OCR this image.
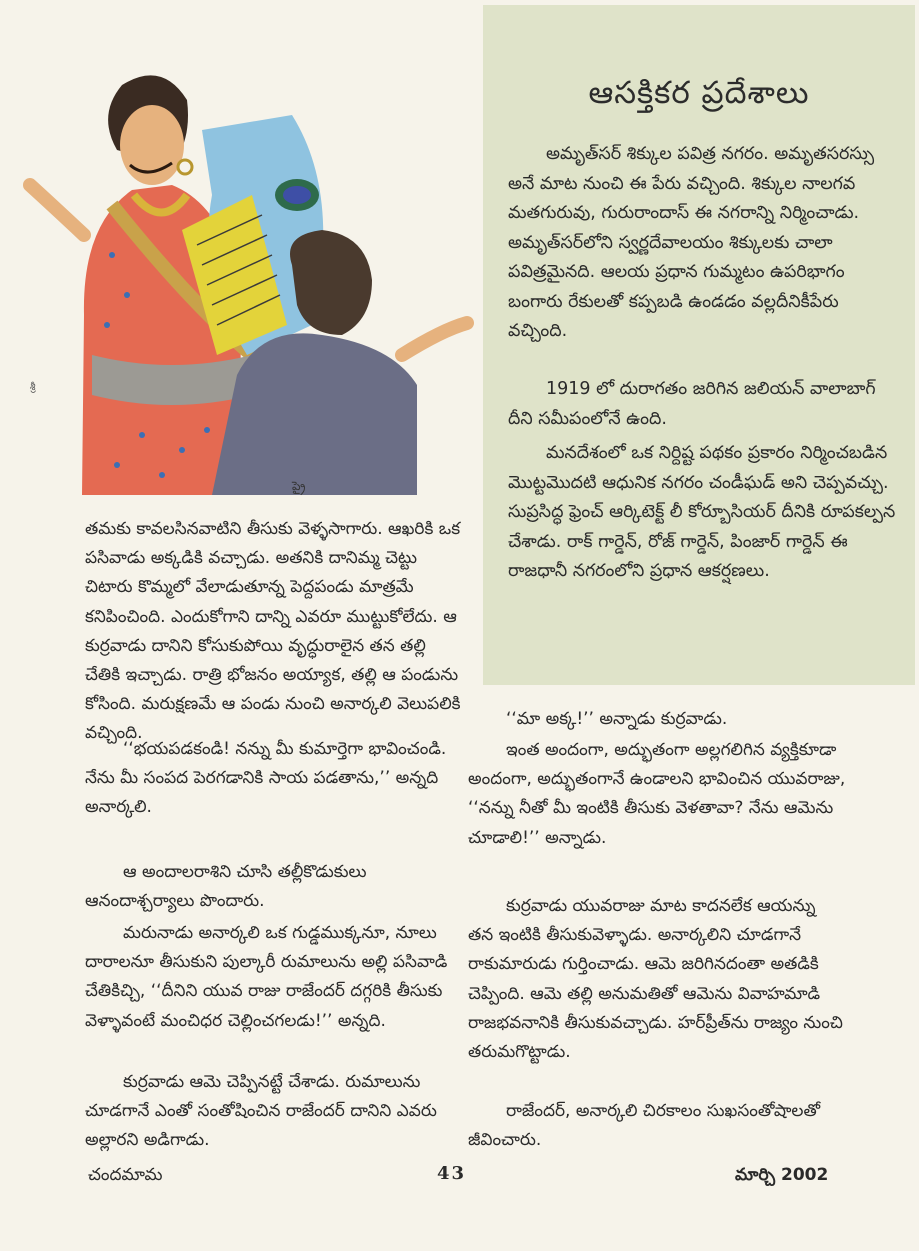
ప్రై
శ్రీ
ఆసక్తికర ప్రదేశాలు
అమృత్‌సర్ శిక్కుల పవిత్ర నగరం. అమృతసరస్సు అనే మాట నుంచి ఈ పేరు వచ్చింది. శిక్కుల నాలగవ మతగురువు, గురురాందాస్ ఈ నగరాన్ని నిర్మించాడు. అమృత్‌సర్‌లోని స్వర్ణదేవాలయం శిక్కులకు చాలా పవిత్రమైనది. ఆలయ ప్రధాన గుమ్మటం ఉపరిభాగం బంగారు రేకులతో కప్పబడి ఉండడం వల్లదీనికీపేరు వచ్చింది.
1919 లో దురాగతం జరిగిన జలియన్ వాలాబాగ్ దీని సమీపంలోనే ఉంది.
మనదేశంలో ఒక నిర్దిష్ట పథకం ప్రకారం నిర్మించబడిన మొట్టమొదటి ఆధునిక నగరం చండీఘడ్ అని చెప్పవచ్చు. సుప్రసిద్ధ ఫ్రెంచ్ ఆర్కిటెక్ట్ లీ కోర్బూసియర్ దీనికి రూపకల్పన చేశాడు. రాక్ గార్డెన్, రోజ్ గార్డెన్, పింజార్ గార్డెన్ ఈ రాజధానీ నగరంలోని ప్రధాన ఆకర్షణలు.
తమకు కావలసినవాటిని తీసుకు వెళ్ళసాగారు. ఆఖరికి ఒక పసివాడు అక్కడికి వచ్చాడు. అతనికి దానిమ్మ చెట్టు చిటారు కొమ్మలో వేలాడుతూన్న పెద్దపండు మాత్రమే కనిపించింది. ఎందుకోగాని దాన్ని ఎవరూ ముట్టుకోలేదు. ఆ కుర్రవాడు దానిని కోసుకుపోయి వృద్ధురాలైన తన తల్లి చేతికి ఇచ్చాడు. రాత్రి భోజనం అయ్యాక, తల్లి ఆ పండును కోసింది. మరుక్షణమే ఆ పండు నుంచి అనార్కలి వెలుపలికి వచ్చింది.
‘‘భయపడకండి! నన్ను మీ కుమార్తెగా భావించండి. నేను మీ సంపద పెరగడానికి సాయ పడతాను,’’ అన్నది అనార్కలి.
ఆ అందాలరాశిని చూసి తల్లీకొడుకులు ఆనందాశ్చర్యాలు పొందారు.
మరునాడు అనార్కలి ఒక గుడ్డముక్కనూ, నూలు దారాలనూ తీసుకుని పుల్కారీ రుమాలును అల్లి పసివాడి చేతికిచ్చి, ‘‘దీనిని యువ రాజు రాజేందర్ దగ్గరికి తీసుకు వెళ్ళావంటే మంచిధర చెల్లించగలడు!’’ అన్నది.
కుర్రవాడు ఆమె చెప్పినట్టే చేశాడు. రుమాలును చూడగానే ఎంతో సంతోషించిన రాజేందర్ దానిని ఎవరు అల్లారని అడిగాడు.
‘‘మా అక్క!’’ అన్నాడు కుర్రవాడు.
ఇంత అందంగా, అద్భుతంగా అల్లగలిగిన వ్యక్తికూడా అందంగా, అద్భుతంగానే ఉండాలని భావించిన యువరాజు, ‘‘నన్ను నీతో మీ ఇంటికి తీసుకు వెళతావా? నేను ఆమెను చూడాలి!’’ అన్నాడు.
కుర్రవాడు యువరాజు మాట కాదనలేక ఆయన్ను తన ఇంటికి తీసుకువెళ్ళాడు. అనార్కలిని చూడగానే రాకుమారుడు గుర్తించాడు. ఆమె జరిగినదంతా అతడికి చెప్పింది. ఆమె తల్లి అనుమతితో ఆమెను వివాహమాడి రాజభవనానికి తీసుకువచ్చాడు. హర్‌ప్రీత్‌ను రాజ్యం నుంచి తరుమగొట్టాడు.
రాజేందర్, అనార్కలి చిరకాలం సుఖసంతోషాలతో జీవించారు.
చందమామ	43	మార్చి 2002
